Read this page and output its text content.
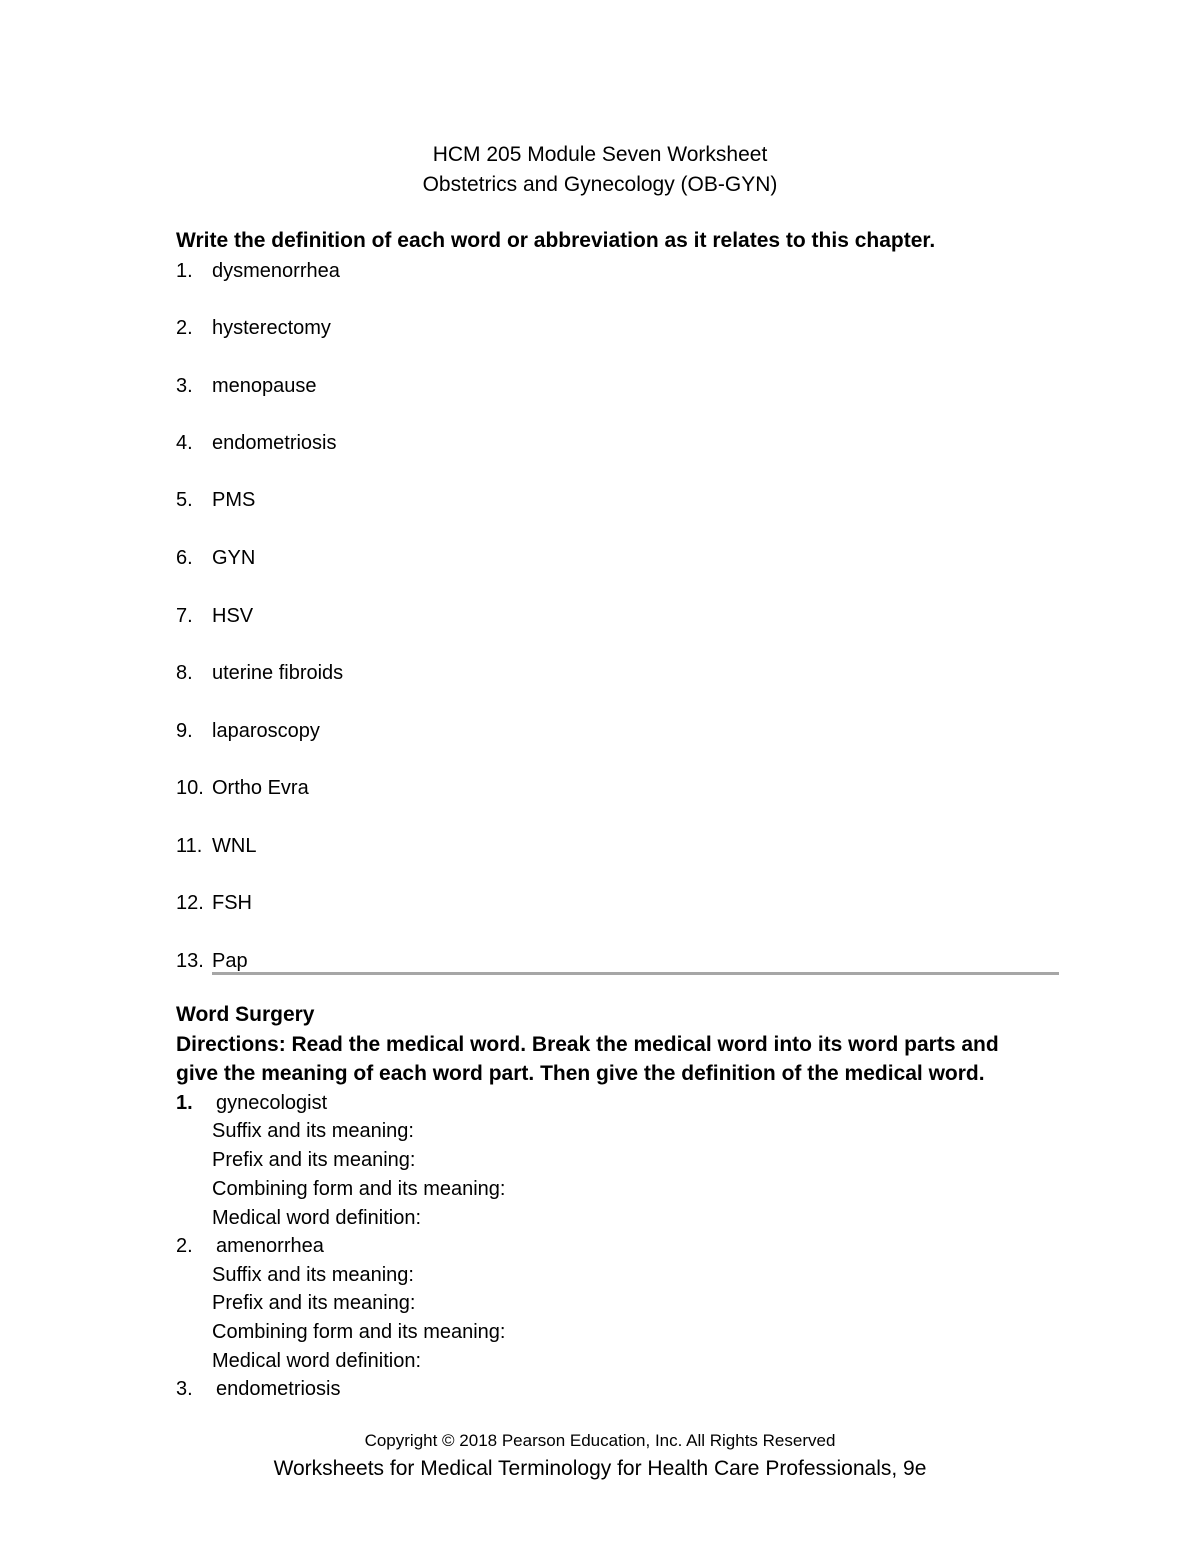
HCM 205 Module Seven Worksheet
Obstetrics and Gynecology (OB-GYN)
Write the definition of each word or abbreviation as it relates to this chapter.
1. dysmenorrhea
2. hysterectomy
3. menopause
4. endometriosis
5. PMS
6. GYN
7. HSV
8. uterine fibroids
9. laparoscopy
10. Ortho Evra
11. WNL
12. FSH
13. Pap
Word Surgery
Directions: Read the medical word. Break the medical word into its word parts and
give the meaning of each word part. Then give the definition of the medical word.
1. gynecologist
Suffix and its meaning:
Prefix and its meaning:
Combining form and its meaning:
Medical word definition:
2. amenorrhea
Suffix and its meaning:
Prefix and its meaning:
Combining form and its meaning:
Medical word definition:
3. endometriosis
Copyright © 2018 Pearson Education, Inc. All Rights Reserved
Worksheets for Medical Terminology for Health Care Professionals, 9e
